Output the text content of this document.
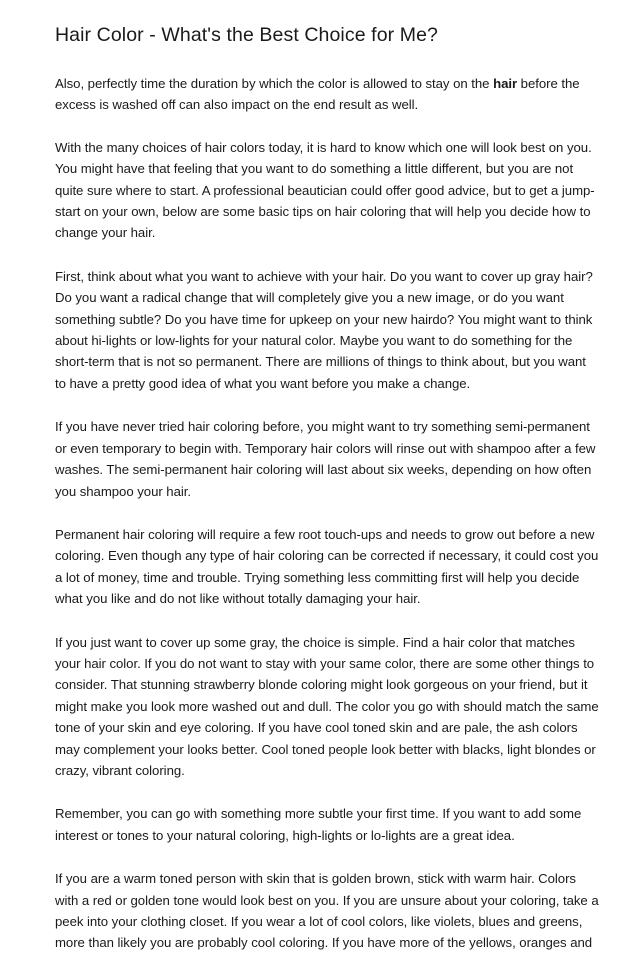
Hair Color - What's the Best Choice for Me?

Also, perfectly time the duration by which the color is allowed to stay on the hair before the excess is washed off can also impact on the end result as well.

With the many choices of hair colors today, it is hard to know which one will look best on you. You might have that feeling that you want to do something a little different, but you are not quite sure where to start. A professional beautician could offer good advice, but to get a jump-start on your own, below are some basic tips on hair coloring that will help you decide how to change your hair.

First, think about what you want to achieve with your hair. Do you want to cover up gray hair? Do you want a radical change that will completely give you a new image, or do you want something subtle? Do you have time for upkeep on your new hairdo? You might want to think about hi-lights or low-lights for your natural color. Maybe you want to do something for the short-term that is not so permanent. There are millions of things to think about, but you want to have a pretty good idea of what you want before you make a change.

If you have never tried hair coloring before, you might want to try something semi-permanent or even temporary to begin with. Temporary hair colors will rinse out with shampoo after a few washes. The semi-permanent hair coloring will last about six weeks, depending on how often you shampoo your hair.

Permanent hair coloring will require a few root touch-ups and needs to grow out before a new coloring. Even though any type of hair coloring can be corrected if necessary, it could cost you a lot of money, time and trouble. Trying something less committing first will help you decide what you like and do not like without totally damaging your hair.

If you just want to cover up some gray, the choice is simple. Find a hair color that matches your hair color. If you do not want to stay with your same color, there are some other things to consider. That stunning strawberry blonde coloring might look gorgeous on your friend, but it might make you look more washed out and dull. The color you go with should match the same tone of your skin and eye coloring. If you have cool toned skin and are pale, the ash colors may complement your looks better. Cool toned people look better with blacks, light blondes or crazy, vibrant coloring.

Remember, you can go with something more subtle your first time. If you want to add some interest or tones to your natural coloring, high-lights or lo-lights are a great idea.

If you are a warm toned person with skin that is golden brown, stick with warm hair. Colors with a red or golden tone would look best on you. If you are unsure about your coloring, take a peek into your clothing closet. If you wear a lot of cool colors, like violets, blues and greens, more than likely you are probably cool coloring. If you have more of the yellows, oranges and
